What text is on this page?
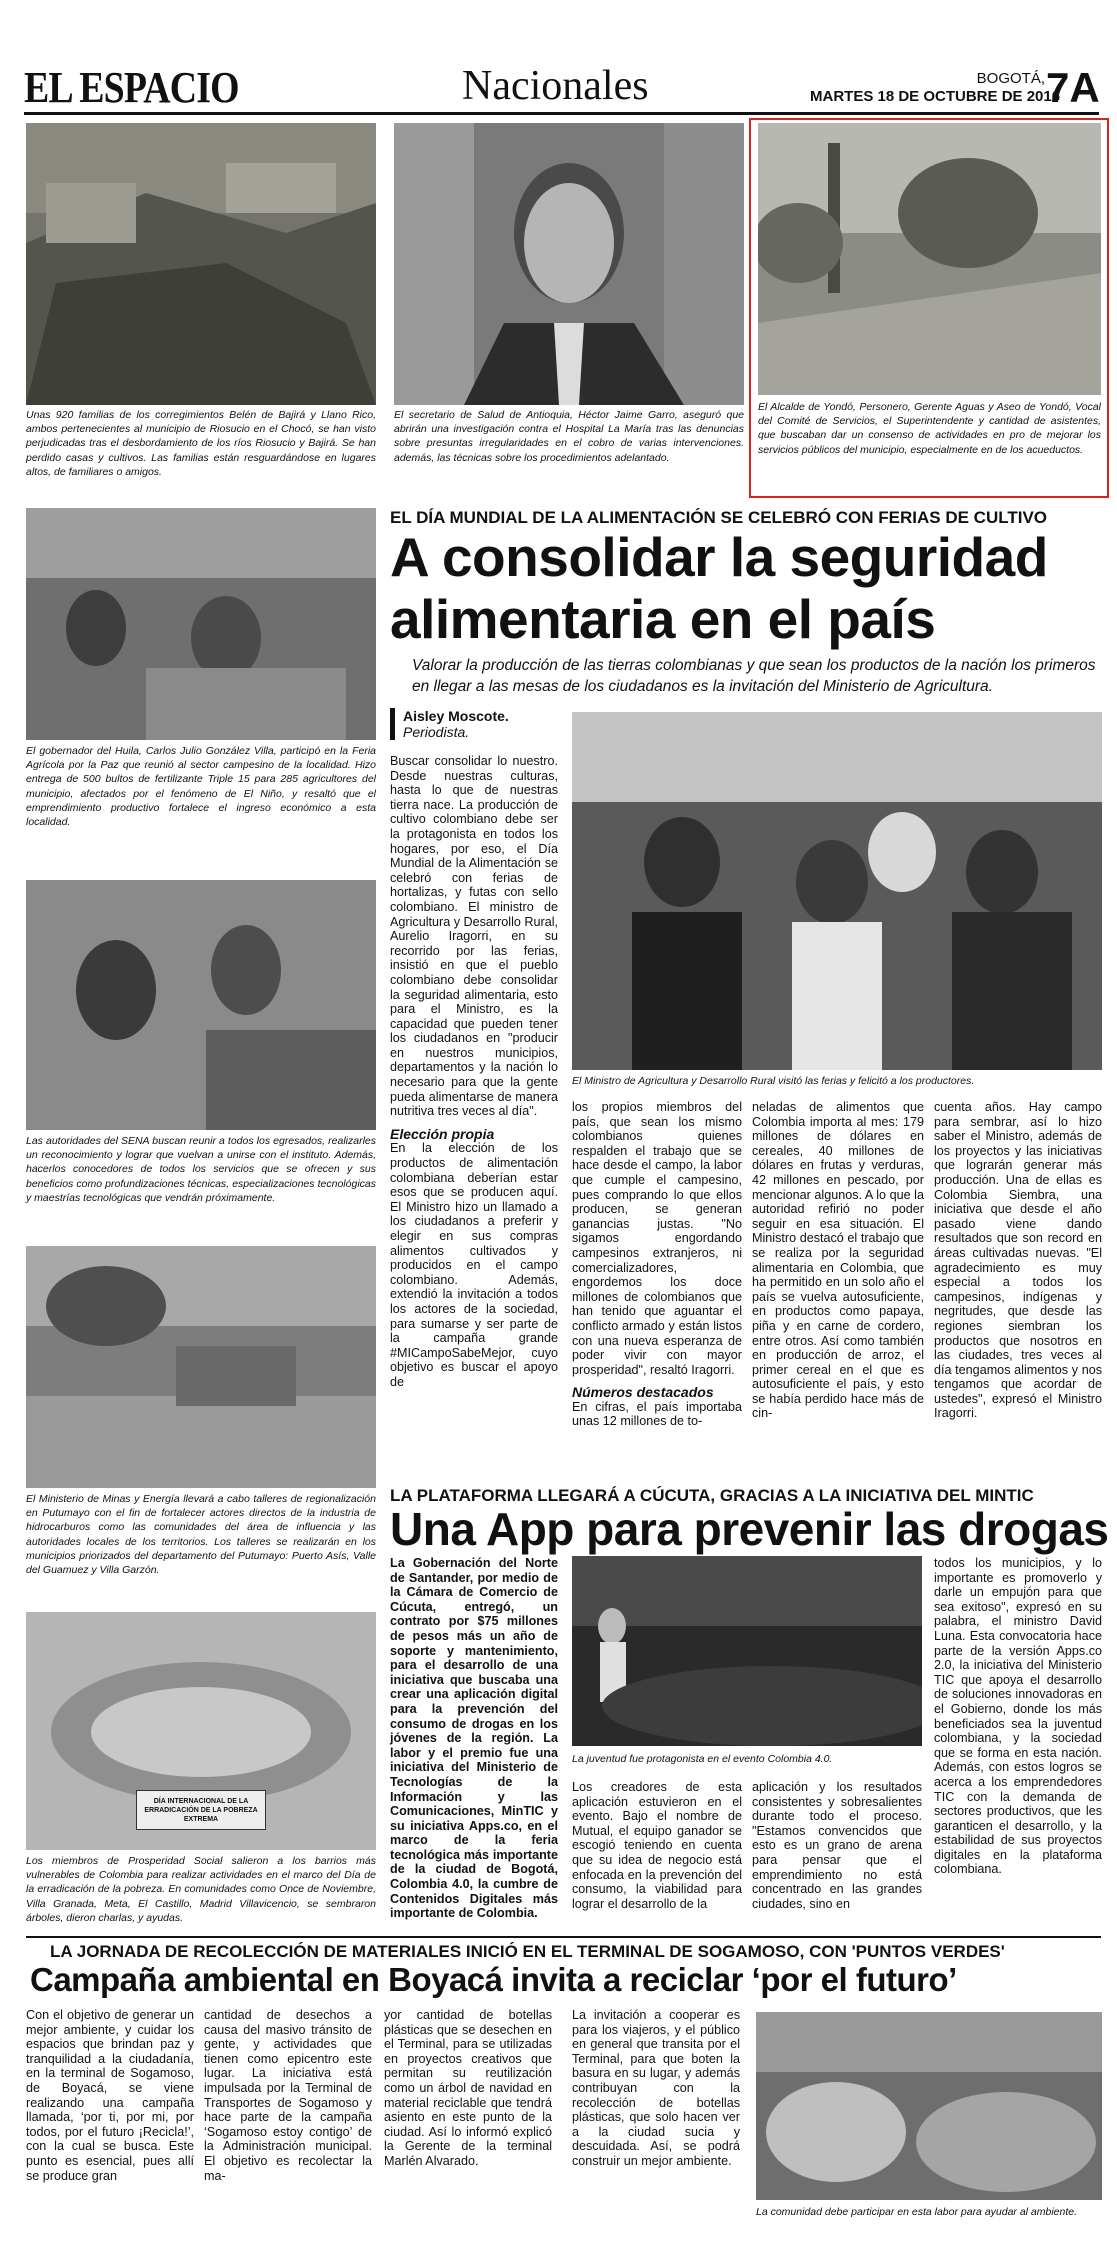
EL ESPACIO	Nacionales	BOGOTÁ,
MARTES 18 DE OCTUBRE DE 2016
7A
Unas 920 familias de los corregimientos Belén de Bajirá y Llano Rico, ambos pertenecientes al municipio de Riosucio en el Chocó, se han visto perjudicadas tras el desbordamiento de los ríos Riosucio y Bajirá. Se han perdido casas y cultivos. Las familias están resguardándose en lugares altos, de familiares o amigos.
El secretario de Salud de Antioquia, Héctor Jaime Garro, aseguró que abrirán una investigación contra el Hospital La María tras las denuncias sobre presuntas irregularidades en el cobro de varias intervenciones. además, las técnicas sobre los procedimientos adelantado.
El Alcalde de Yondó, Personero, Gerente Aguas y Aseo de Yondó, Vocal del Comité de Servicios, el Superintendente y cantidad de asistentes, que buscaban dar un consenso de actividades en pro de mejorar los servicios públicos del municipio, especialmente en de los acueductos.
El gobernador del Huila, Carlos Julio González Villa, participó en la Feria Agrícola por la Paz que reunió al sector campesino de la localidad. Hizo entrega de 500 bultos de fertilizante Triple 15 para 285 agricultores del municipio, afectados por el fenómeno de El Niño, y resaltó que el emprendimiento productivo fortalece el ingreso económico a esta localidad.
Las autoridades del SENA buscan reunir a todos los egresados, realizarles un reconocimiento y lograr que vuelvan a unirse con el instituto. Además, hacerlos conocedores de todos los servicios que se ofrecen y sus beneficios como profundizaciones técnicas, especializaciones tecnológicas y maestrías tecnológicas que vendrán próximamente.
El Ministerio de Minas y Energía llevará a cabo talleres de regionalización en Putumayo con el fin de fortalecer actores directos de la industria de hidrocarburos como las comunidades del área de influencia y las autoridades locales de los territorios. Los talleres se realizarán en los municipios priorizados del departamento del Putumayo: Puerto Asís, Valle del Guamuez y Villa Garzón.
DÍA INTERNACIONAL DE LA ERRADICACIÓN DE LA POBREZA EXTREMA
Los miembros de Prosperidad Social salieron a los barrios más vulnerables de Colombia para realizar actividades en el marco del Día de la erradicación de la pobreza. En comunidades como Once de Noviembre, Villa Granada, Meta, El Castillo, Madrid Villavicencio, se sembraron árboles, dieron charlas, y ayudas.
EL DÍA MUNDIAL DE LA ALIMENTACIÓN SE CELEBRÓ CON FERIAS DE CULTIVO
A consolidar la seguridad
alimentaria en el país
Valorar la producción de las tierras colombianas y que sean los productos de la nación los primeros en llegar a las mesas de los ciudadanos es la invitación del Ministerio de Agricultura.
Aisley Moscote.
Periodista.

Buscar consolidar lo nuestro. Desde nuestras culturas, hasta lo que de nuestras tierra nace. La producción de cultivo colombiano debe ser la protagonista en todos los hogares, por eso, el Día Mundial de la Alimentación se celebró con ferias de hortalizas, y futas con sello colombiano. El ministro de Agricultura y Desarrollo Rural, Aurelio Iragorri, en su recorrido por las ferias, insistió en que el pueblo colombiano debe consolidar la seguridad alimentaria, esto para el Ministro, es la capacidad que pueden tener los ciudadanos en "producir en nuestros municipios, departamentos y la nación lo necesario para que la gente pueda alimentarse de manera nutritiva tres veces al día".

Elección propia

En la elección de los productos de alimentación colombiana deberían estar esos que se producen aquí. El Ministro hizo un llamado a los ciudadanos a preferir y elegir en sus compras alimentos cultivados y producidos en el campo colombiano. Además, extendió la invitación a todos los actores de la sociedad, para sumarse y ser parte de la campaña grande #MICampoSabeMejor, cuyo objetivo es buscar el apoyo de

El Ministro de Agricultura y Desarrollo Rural visitó las ferias y felicitó a los productores.

los propios miembros del país, que sean los mismo colombianos quienes respalden el trabajo que se hace desde el campo, la labor que cumple el campesino, pues comprando lo que ellos producen, se generan ganancias justas. "No sigamos engordando campesinos extranjeros, ni comercializadores, engordemos los doce millones de colombianos que han tenido que aguantar el conflicto armado y están listos con una nueva esperanza de poder vivir con mayor prosperidad", resaltó Iragorri.

Números destacados

En cifras, el país importaba unas 12 millones de to-

neladas de alimentos que Colombia importa al mes: 179 millones de dólares en cereales, 40 millones de dólares en frutas y verduras, 42 millones en pescado, por mencionar algunos. A lo que la autoridad refirió no poder seguir en esa situación. El Ministro destacó el trabajo que se realiza por la seguridad alimentaria en Colombia, que ha permitido en un solo año el país se vuelva autosuficiente, en productos como papaya, piña y en carne de cordero, entre otros. Así como también en producción de arroz, el primer cereal en el que es autosuficiente el país, y esto se había perdido hace más de cin-
cuenta años. Hay campo para sembrar, así lo hizo saber el Ministro, además de los proyectos y las iniciativas que lograrán generar más producción. Una de ellas es Colombia Siembra, una iniciativa que desde el año pasado viene dando resultados que son record en áreas cultivadas nuevas. "El agradecimiento es muy especial a todos los campesinos, indígenas y negritudes, que desde las regiones siembran los productos que nosotros en las ciudades, tres veces al día tengamos alimentos y nos tengamos que acordar de ustedes", expresó el Ministro Iragorri.
LA PLATAFORMA LLEGARÁ A CÚCUTA, GRACIAS A LA INICIATIVA DEL MINTIC
Una App para prevenir las drogas
La Gobernación del Norte de Santander, por medio de la Cámara de Comercio de Cúcuta, entregó, un contrato por $75 millones de pesos más un año de soporte y mantenimiento, para el desarrollo de una iniciativa que buscaba una crear una aplicación digital para la prevención del consumo de drogas en los jóvenes de la región. La labor y el premio fue una iniciativa del Ministerio de Tecnologías de la Información y las Comunicaciones, MinTIC y su iniciativa Apps.co, en el marco de la feria tecnológica más importante de la ciudad de Bogotá, Colombia 4.0, la cumbre de Contenidos Digitales más importante de Colombia.
La juventud fue protagonista en el evento Colombia 4.0.
Los creadores de esta aplicación estuvieron en el evento. Bajo el nombre de Mutual, el equipo ganador se escogió teniendo en cuenta que su idea de negocio está enfocada en la prevención del consumo, la viabilidad para lograr el desarrollo de la
aplicación y los resultados consistentes y sobresalientes durante todo el proceso. "Estamos convencidos que esto es un grano de arena para pensar que el emprendimiento no está concentrado en las grandes ciudades, sino en
todos los municipios, y lo importante es promoverlo y darle un empujón para que sea exitoso", expresó en su palabra, el ministro David Luna. Esta convocatoria hace parte de la versión Apps.co 2.0, la iniciativa del Ministerio TIC que apoya el desarrollo de soluciones innovadoras en el Gobierno, donde los más beneficiados sea la juventud colombiana, y la sociedad que se forma en esta nación. Además, con estos logros se acerca a los emprendedores TIC con la demanda de sectores productivos, que les garanticen el desarrollo, y la estabilidad de sus proyectos digitales en la plataforma colombiana.
LA JORNADA DE RECOLECCIÓN DE MATERIALES INICIÓ EN EL TERMINAL DE SOGAMOSO, CON 'PUNTOS VERDES'
Campaña ambiental en Boyacá invita a reciclar ‘por el futuro’
Con el objetivo de generar un mejor ambiente, y cuidar los espacios que brindan paz y tranquilidad a la ciudadanía, en la terminal de Sogamoso, de Boyacá, se viene realizando una campaña llamada, ‘por ti, por mi, por todos, por el futuro ¡Recicla!’, con la cual se busca. Este punto es esencial, pues allí se produce gran
cantidad de desechos a causa del masivo tránsito de gente, y actividades que tienen como epicentro este lugar. La iniciativa está impulsada por la Terminal de Transportes de Sogamoso y hace parte de la campaña ‘Sogamoso estoy contigo’ de la Administración municipal. El objetivo es recolectar la ma-
yor cantidad de botellas plásticas que se desechen en el Terminal, para se utilizadas en proyectos creativos que permitan su reutilización como un árbol de navidad en material reciclable que tendrá asiento en este punto de la ciudad. Así lo informó explicó la Gerente de la terminal Marlén Alvarado.
La invitación a cooperar es para los viajeros, y el público en general que transita por el Terminal, para que boten la basura en su lugar, y además contribuyan con la recolección de botellas plásticas, que solo hacen ver a la ciudad sucia y descuidada. Así, se podrá construir un mejor ambiente.
La comunidad debe participar en esta labor para ayudar al ambiente.
